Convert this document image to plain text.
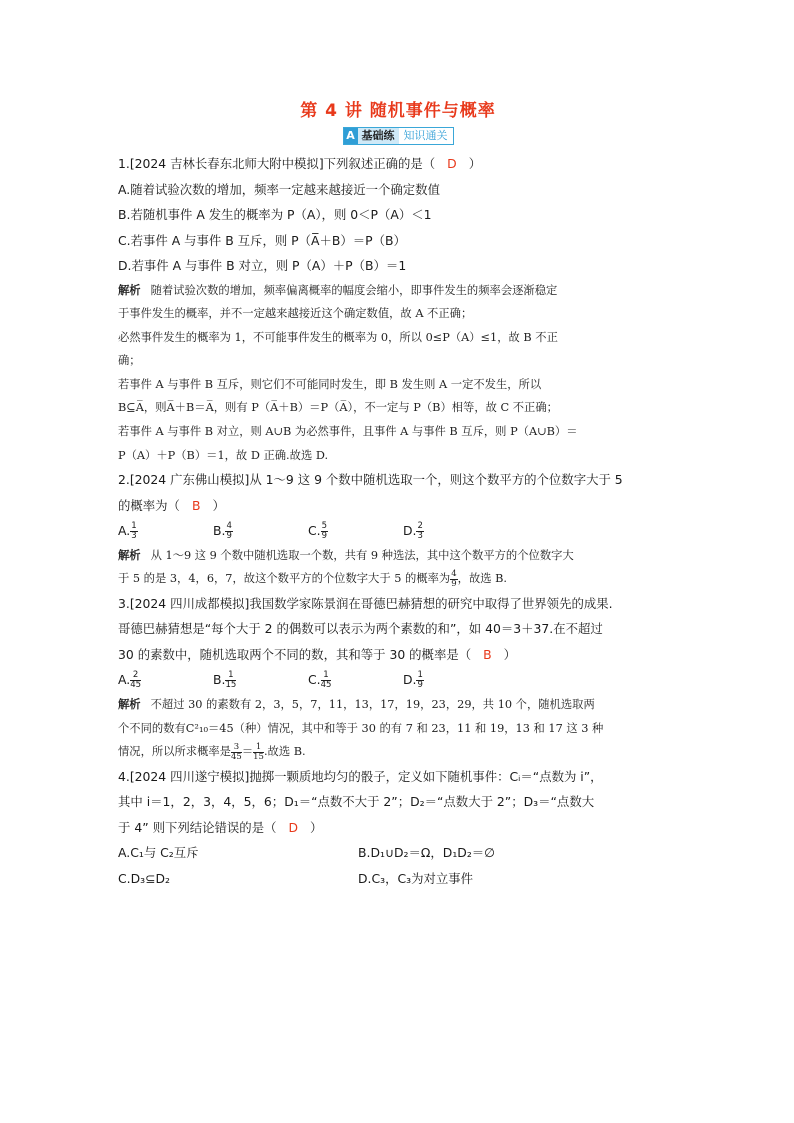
第 4 讲 随机事件与概率
A 基础练 知识通关
1.[2024 吉林长春东北师大附中模拟]下列叙述正确的是（ D ）
A.随着试验次数的增加，频率一定越来越接近一个确定数值
B.若随机事件 A 发生的概率为 P（A），则 0＜P（A）＜1
C.若事件 A 与事件 B 互斥，则 P（A̅＋B）＝P（B）
D.若事件 A 与事件 B 对立，则 P（A）＋P（B）＝1
解析 随着试验次数的增加，频率偏离概率的幅度会缩小，即事件发生的频率会逐渐稳定
于事件发生的概率，并不一定越来越接近这个确定数值，故 A 不正确；
必然事件发生的概率为 1，不可能事件发生的概率为 0，所以 0≤P（A）≤1，故 B 不正
确；
若事件 A 与事件 B 互斥，则它们不可能同时发生，即 B 发生则 A 一定不发生，所以
B⊆A̅，则A̅＋B＝A̅，则有 P（A̅＋B）＝P（A̅），不一定与 P（B）相等，故 C 不正确；
若事件 A 与事件 B 对立，则 A∪B 为必然事件，且事件 A 与事件 B 互斥，则 P（A∪B）＝
P（A）＋P（B）＝1，故 D 正确.故选 D.
2.[2024 广东佛山模拟]从 1～9 这 9 个数中随机选取一个，则这个数平方的个位数字大于 5
的概率为（ B ）
A. $\frac{1}{3}$	B. $\frac{4}{9}$	C. $\frac{5}{9}$	D. $\frac{2}{3}$
解析 从 1～9 这 9 个数中随机选取一个数，共有 9 种选法，其中这个数平方的个位数字大
于 5 的是 3，4，6，7，故这个数平方的个位数字大于 5 的概率为 $\frac{4}{9}$ ，故选 B.
3.[2024 四川成都模拟]我国数学家陈景润在哥德巴赫猜想的研究中取得了世界领先的成果.
哥德巴赫猜想是“每个大于 2 的偶数可以表示为两个素数的和”，如 40＝3＋37.在不超过
30 的素数中，随机选取两个不同的数，其和等于 30 的概率是（ B ）
A. $\frac{2}{45}$	B. $\frac{1}{15}$	C. $\frac{1}{45}$	D. $\frac{1}{9}$
解析 不超过 30 的素数有 2，3，5，7，11，13，17，19，23，29，共 10 个，随机选取两
个不同的数有C²₁₀＝45（种）情况，其中和等于 30 的有 7 和 23，11 和 19，13 和 17 这 3 种
情况，所以所求概率是 $\frac{3}{45} = \frac{1}{15}$ .故选 B.
4.[2024 四川遂宁模拟]抛掷一颗质地均匀的骰子，定义如下随机事件：Cᵢ＝“点数为 i”，
其中 i＝1，2，3，4，5，6；D₁＝“点数不大于 2”；D₂＝“点数大于 2”；D₃＝“点数大
于 4” 则下列结论错误的是（ D ）
A.C₁与 C₂互斥	B.D₁∪D₂＝Ω，D₁D₂＝∅
C.D₃⊆D₂	D.C₃，C₃为对立事件
